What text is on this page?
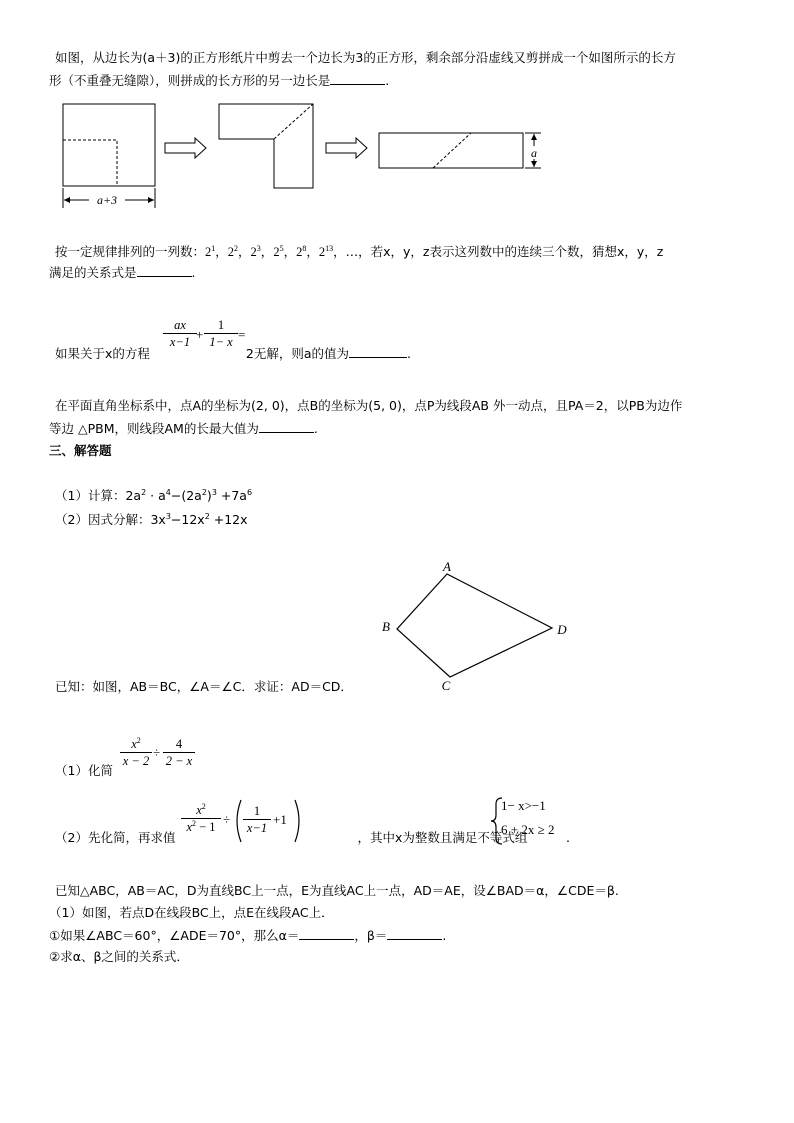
如图，从边长为(a＋3)的正方形纸片中剪去一个边长为3的正方形，剩余部分沿虚线又剪拼成一个如图所示的长方
形（不重叠无缝隙），则拼成的长方形的另一边长是	.
a+3
a
按一定规律排列的一列数：$2^1$，$2^2$，$2^3$，$2^5$，$2^8$，$2^{13}$，…，若x，y，z表示这列数中的连续三个数，猜想x，y，z
满足的关系式是	.
ax
x−1 +
1
1− x =
如果关于x的方程	2无解，则a的值为	.
在平面直角坐标系中，点A的坐标为(2, 0)，点B的坐标为(5, 0)，点P为线段AB 外一动点，且PA＝2，以PB为边作
等边 △PBM，则线段AM的长最大值为	.
三、解答题
（1）计算：$2a^2 \cdot a^4-(2a^2)^3 +7a^6$
（2）因式分解：$3x^3-12x^2 +12x$
A
B
C
D
已知：如图，AB＝BC，∠A＝∠C．求证：AD＝CD．
$x^2$
x − 2
÷
4
2 − x
（1）化简
$x^2$
$x^2 - 1$ ÷
1
x−1
+1
（2）先化简，再求值	，其中x为整数且满足不等式组
1− x>−1
6 + 2x ≥ 2
.
已知△ABC，AB＝AC，D为直线BC上一点，E为直线AC上一点，AD＝AE，设∠BAD＝α，∠CDE＝β.
（1）如图，若点D在线段BC上，点E在线段AC上．
①如果∠ABC＝60°，∠ADE＝70°，那么α＝	，β＝	.
②求α、β之间的关系式．
